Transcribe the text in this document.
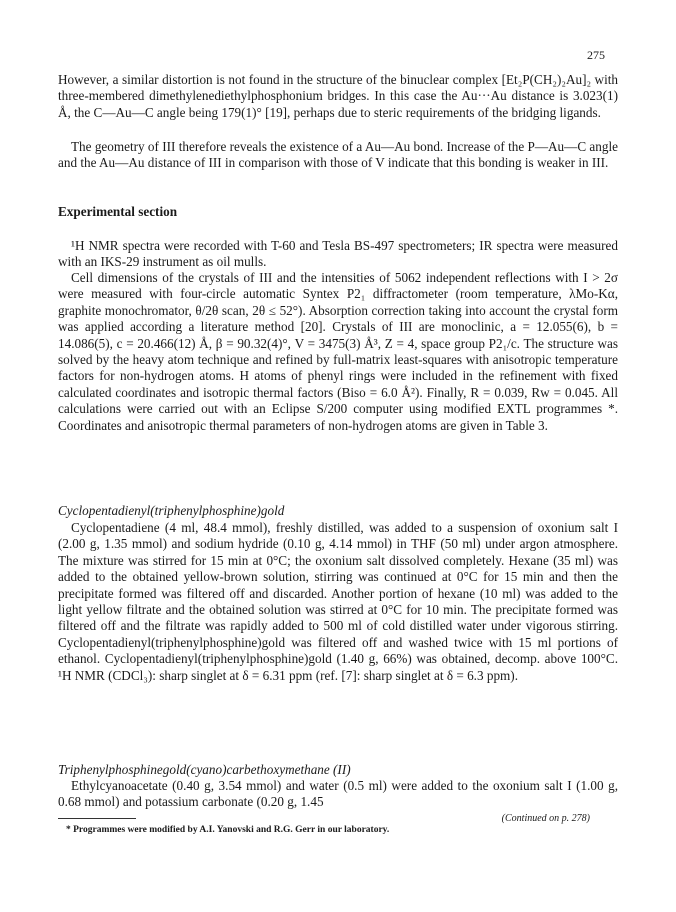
275

However, a similar distortion is not found in the structure of the binuclear complex [Et₂P(CH₂)₂Au]₂ with three-membered dimethylenediethylphosphonium bridges. In this case the Au···Au distance is 3.023(1) Å, the C—Au—C angle being 179(1)° [19], perhaps due to steric requirements of the bridging ligands.

The geometry of III therefore reveals the existence of a Au—Au bond. Increase of the P—Au—C angle and the Au—Au distance of III in comparison with those of V indicate that this bonding is weaker in III.

Experimental section

¹H NMR spectra were recorded with T-60 and Tesla BS-497 spectrometers; IR spectra were measured with an IKS-29 instrument as oil mulls.

Cell dimensions of the crystals of III and the intensities of 5062 independent reflections with I > 2σ were measured with four-circle automatic Syntex P2₁ diffractometer (room temperature, λMo-Kα, graphite monochromator, θ/2θ scan, 2θ ≤ 52°). Absorption correction taking into account the crystal form was applied according a literature method [20]. Crystals of III are monoclinic, a = 12.055(6), b = 14.086(5), c = 20.466(12) Å, β = 90.32(4)°, V = 3475(3) Å³, Z = 4, space group P2₁/c. The structure was solved by the heavy atom technique and refined by full-matrix least-squares with anisotropic temperature factors for non-hydrogen atoms. H atoms of phenyl rings were included in the refinement with fixed calculated coordinates and isotropic thermal factors (Biso = 6.0 Å²). Finally, R = 0.039, Rw = 0.045. All calculations were carried out with an Eclipse S/200 computer using modified EXTL programmes *. Coordinates and anisotropic thermal parameters of non-hydrogen atoms are given in Table 3.

Cyclopentadienyl(triphenylphosphine)gold

Cyclopentadiene (4 ml, 48.4 mmol), freshly distilled, was added to a suspension of oxonium salt I (2.00 g, 1.35 mmol) and sodium hydride (0.10 g, 4.14 mmol) in THF (50 ml) under argon atmosphere. The mixture was stirred for 15 min at 0°C; the oxonium salt dissolved completely. Hexane (35 ml) was added to the obtained yellow-brown solution, stirring was continued at 0°C for 15 min and then the precipitate formed was filtered off and discarded. Another portion of hexane (10 ml) was added to the light yellow filtrate and the obtained solution was stirred at 0°C for 10 min. The precipitate formed was filtered off and the filtrate was rapidly added to 500 ml of cold distilled water under vigorous stirring. Cyclopentadienyl(triphenylphosphine)gold was filtered off and washed twice with 15 ml portions of ethanol. Cyclopentadienyl(triphenylphosphine)gold (1.40 g, 66%) was obtained, decomp. above 100°C. ¹H NMR (CDCl₃): sharp singlet at δ = 6.31 ppm (ref. [7]: sharp singlet at δ = 6.3 ppm).

Triphenylphosphinegold(cyano)carbethoxymethane (II)

Ethylcyanoacetate (0.40 g, 3.54 mmol) and water (0.5 ml) were added to the oxonium salt I (1.00 g, 0.68 mmol) and potassium carbonate (0.20 g, 1.45

(Continued on p. 278)
* Programmes were modified by A.I. Yanovski and R.G. Gerr in our laboratory.
